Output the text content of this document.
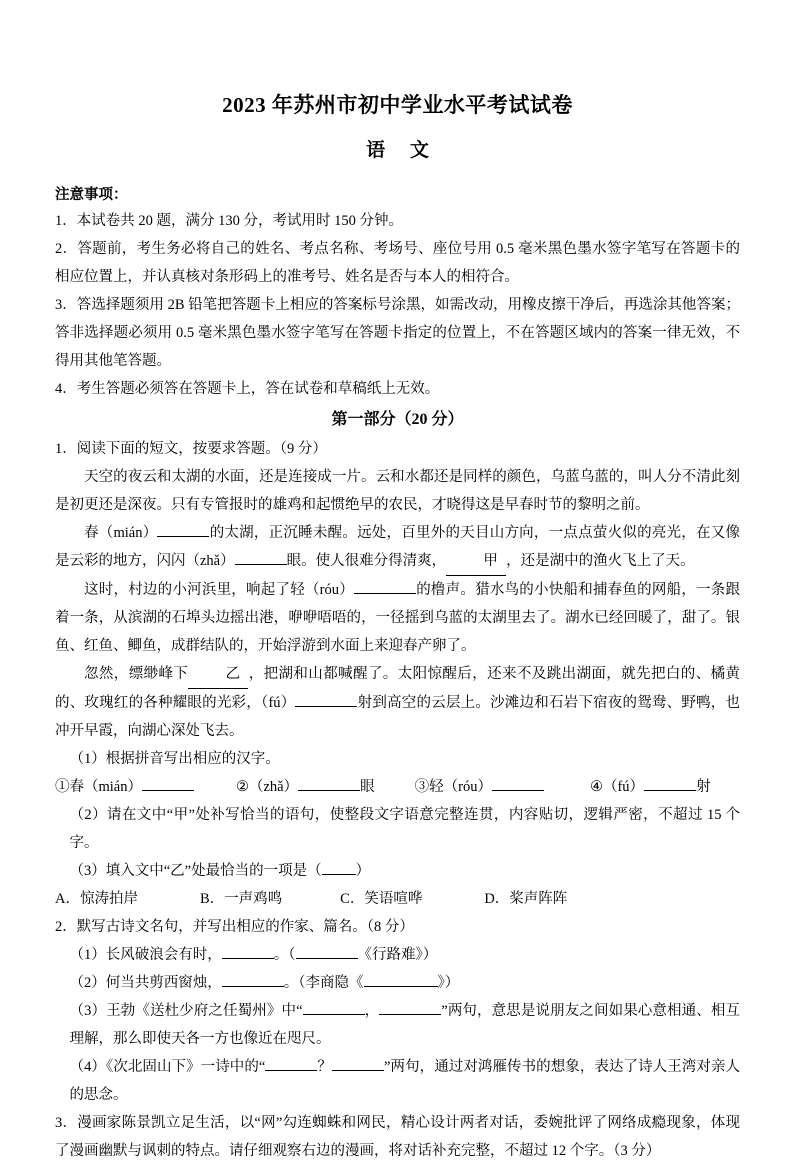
2023 年苏州市初中学业水平考试试卷
语 文
注意事项：

1．本试卷共 20 题，满分 130 分，考试用时 150 分钟。

2．答题前，考生务必将自己的姓名、考点名称、考场号、座位号用 0.5 毫米黑色墨水签字笔写在答题卡的相应位置上，并认真核对条形码上的准考号、姓名是否与本人的相符合。

3．答选择题须用 2B 铅笔把答题卡上相应的答案标号涂黑，如需改动，用橡皮擦干净后，再选涂其他答案；答非选择题必须用 0.5 毫米黑色墨水签字笔写在答题卡指定的位置上，不在答题区域内的答案一律无效，不得用其他笔答题。

4．考生答题必须答在答题卡上，答在试卷和草稿纸上无效。

第一部分（20 分）

1．阅读下面的短文，按要求答题。（9 分）

天空的夜云和太湖的水面，还是连接成一片。云和水都还是同样的颜色，乌蓝乌蓝的，叫人分不清此刻是初更还是深夜。只有专管报时的雄鸡和起惯绝早的农民，才晓得这是早春时节的黎明之前。

春（mián）	的太湖，正沉睡未醒。远处，百里外的天目山方向，一点点萤火似的亮光，在又像是云彩的地方，闪闪（zhǎ）	眼。使人很难分得清爽，	甲 ，还是湖中的渔火飞上了天。

这时，村边的小河浜里，响起了轻（róu）	的橹声。猎水鸟的小快船和捕春鱼的网船，一条跟着一条，从滨湖的石埠头边摇出港，咿咿唔唔的，一径摇到乌蓝的太湖里去了。湖水已经回暖了，甜了。银鱼、红鱼、鲫鱼，成群结队的，开始浮游到水面上来迎春产卵了。

忽然，缥缈峰下	乙 ，把湖和山都喊醒了。太阳惊醒后，还来不及跳出湖面，就先把白的、橘黄的、玫瑰红的各种耀眼的光彩，（fú）	射到高空的云层上。沙滩边和石岩下宿夜的鸳鸯、野鸭，也冲开早霞，向湖心深处飞去。

（1）根据拼音写出相应的汉字。

①春（mián）	②（zhǎ）	眼	③轻（róu）	④（fú）	射

（2）请在文中“甲”处补写恰当的语句，使整段文字语意完整连贯，内容贴切，逻辑严密，不超过 15 个字。

（3）填入文中“乙”处最恰当的一项是（ ）

A．惊涛拍岸	B．一声鸡鸣	C．笑语喧哗	D．桨声阵阵

2．默写古诗文名句，并写出相应的作家、篇名。（8 分）

（1）长风破浪会有时，	。（	《行路难》）

（2）何当共剪西窗烛，	。（李商隐《	》）

（3）王勃《送杜少府之任蜀州》中“	，	”两句，意思是说朋友之间如果心意相通、相互理解，那么即使天各一方也像近在咫尺。

（4）《次北固山下》一诗中的“	？	”两句，通过对鸿雁传书的想象，表达了诗人王湾对亲人的思念。

3．漫画家陈景凯立足生活，以“网”勾连蜘蛛和网民，精心设计两者对话，委婉批评了网络成瘾现象，体现了漫画幽默与讽刺的特点。请仔细观察右边的漫画，将对话补充完整，不超过 12 个字。（3 分）
